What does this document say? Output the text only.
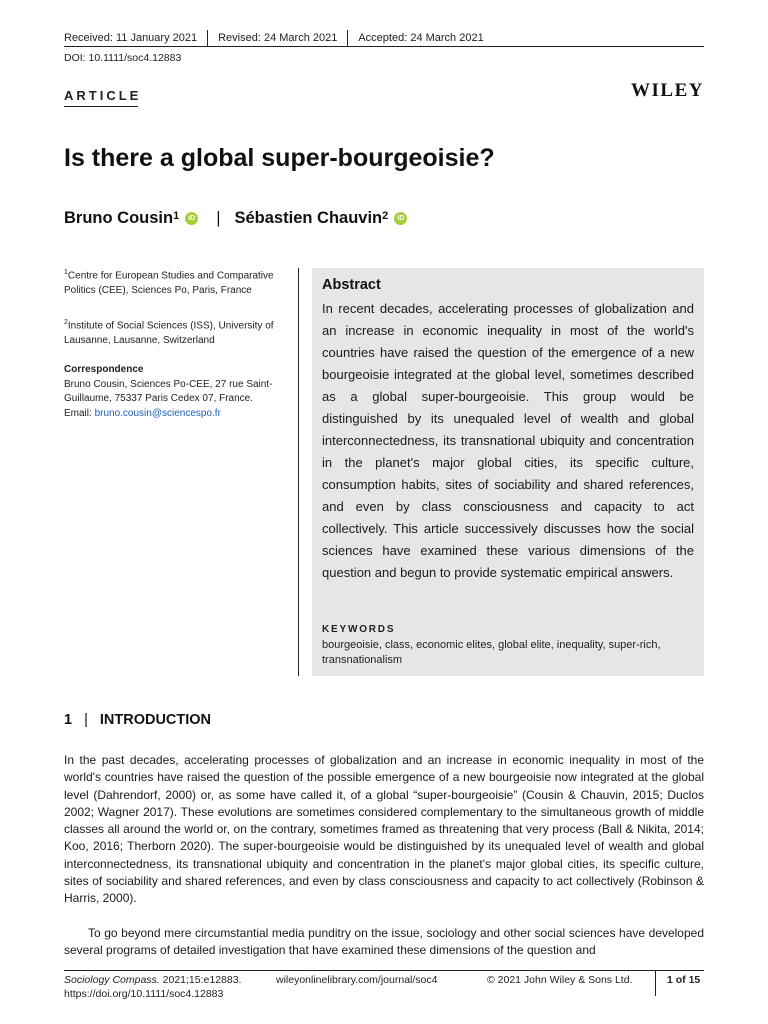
Received: 11 January 2021 Revised: 24 March 2021 Accepted: 24 March 2021
DOI: 10.1111/soc4.12883
ARTICLE	WILEY
Is there a global super-bourgeoisie?
Bruno Cousin$^1$	iD | Sébastien Chauvin$^2$	iD
$^1$Centre for European Studies and Comparative Politics (CEE), Sciences Po, Paris, France
$^2$Institute of Social Sciences (ISS), University of Lausanne, Lausanne, Switzerland
Correspondence
Bruno Cousin, Sciences Po-CEE, 27 rue Saint-Guillaume, 75337 Paris Cedex 07, France.
Email: bruno.cousin@sciencespo.fr
Abstract
In recent decades, accelerating processes of globalization and an increase in economic inequality in most of the world's countries have raised the question of the emergence of a new bourgeoisie integrated at the global level, sometimes described as a global super-bourgeoisie. This group would be distinguished by its unequaled level of wealth and global interconnectedness, its transnational ubiquity and concentration in the planet's major global cities, its specific culture, consumption habits, sites of sociability and shared references, and even by class consciousness and capacity to act collectively. This article successively discusses how the social sciences have examined these various dimensions of the question and begun to provide systematic empirical answers.
KEYWORDS
bourgeoisie, class, economic elites, global elite, inequality, super-rich, transnationalism
1 | INTRODUCTION
In the past decades, accelerating processes of globalization and an increase in economic inequality in most of the world's countries have raised the question of the possible emergence of a new bourgeoisie now integrated at the global level (Dahrendorf, 2000) or, as some have called it, of a global “super-bourgeoisie” (Cousin & Chauvin, 2015; Duclos 2002; Wagner 2017). These evolutions are sometimes considered complementary to the simultaneous growth of middle classes all around the world or, on the contrary, sometimes framed as threatening that very process (Ball & Nikita, 2014; Koo, 2016; Therborn 2020). The super-bourgeoisie would be distinguished by its unequaled level of wealth and global interconnectedness, its transnational ubiquity and concentration in the planet's major global cities, its specific culture, sites of sociability and shared references, and even by class consciousness and capacity to act collectively (Robinson & Harris, 2000).
To go beyond mere circumstantial media punditry on the issue, sociology and other social sciences have developed several programs of detailed investigation that have examined these dimensions of the question and
Sociology Compass. 2021;15:e12883.
https://doi.org/10.1111/soc4.12883
wileyonlinelibrary.com/journal/soc4	© 2021 John Wiley & Sons Ltd.	1 of 15
